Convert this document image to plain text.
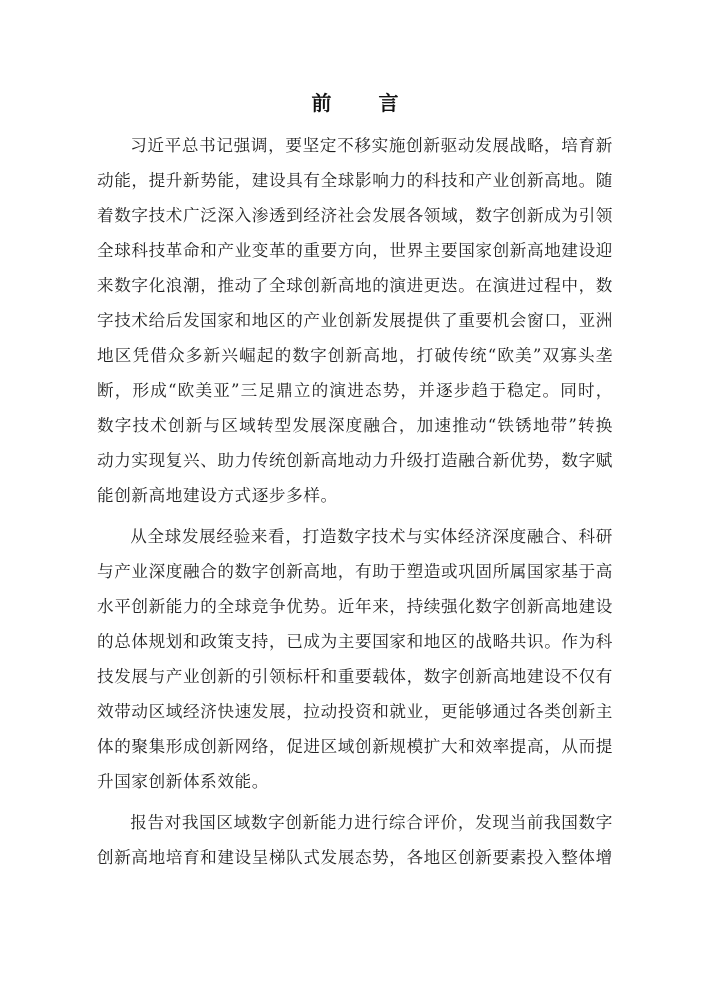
前 言

习近平总书记强调，要坚定不移实施创新驱动发展战略，培育新动能，提升新势能，建设具有全球影响力的科技和产业创新高地。随着数字技术广泛深入渗透到经济社会发展各领域，数字创新成为引领全球科技革命和产业变革的重要方向，世界主要国家创新高地建设迎来数字化浪潮，推动了全球创新高地的演进更迭。在演进过程中，数字技术给后发国家和地区的产业创新发展提供了重要机会窗口，亚洲地区凭借众多新兴崛起的数字创新高地，打破传统“欧美”双寡头垄断，形成“欧美亚”三足鼎立的演进态势，并逐步趋于稳定。同时，数字技术创新与区域转型发展深度融合，加速推动“铁锈地带”转换动力实现复兴、助力传统创新高地动力升级打造融合新优势，数字赋能创新高地建设方式逐步多样。

从全球发展经验来看，打造数字技术与实体经济深度融合、科研与产业深度融合的数字创新高地，有助于塑造或巩固所属国家基于高水平创新能力的全球竞争优势。近年来，持续强化数字创新高地建设的总体规划和政策支持，已成为主要国家和地区的战略共识。作为科技发展与产业创新的引领标杆和重要载体，数字创新高地建设不仅有效带动区域经济快速发展，拉动投资和就业，更能够通过各类创新主体的聚集形成创新网络，促进区域创新规模扩大和效率提高，从而提升国家创新体系效能。

报告对我国区域数字创新能力进行综合评价，发现当前我国数字创新高地培育和建设呈梯队式发展态势，各地区创新要素投入整体增
